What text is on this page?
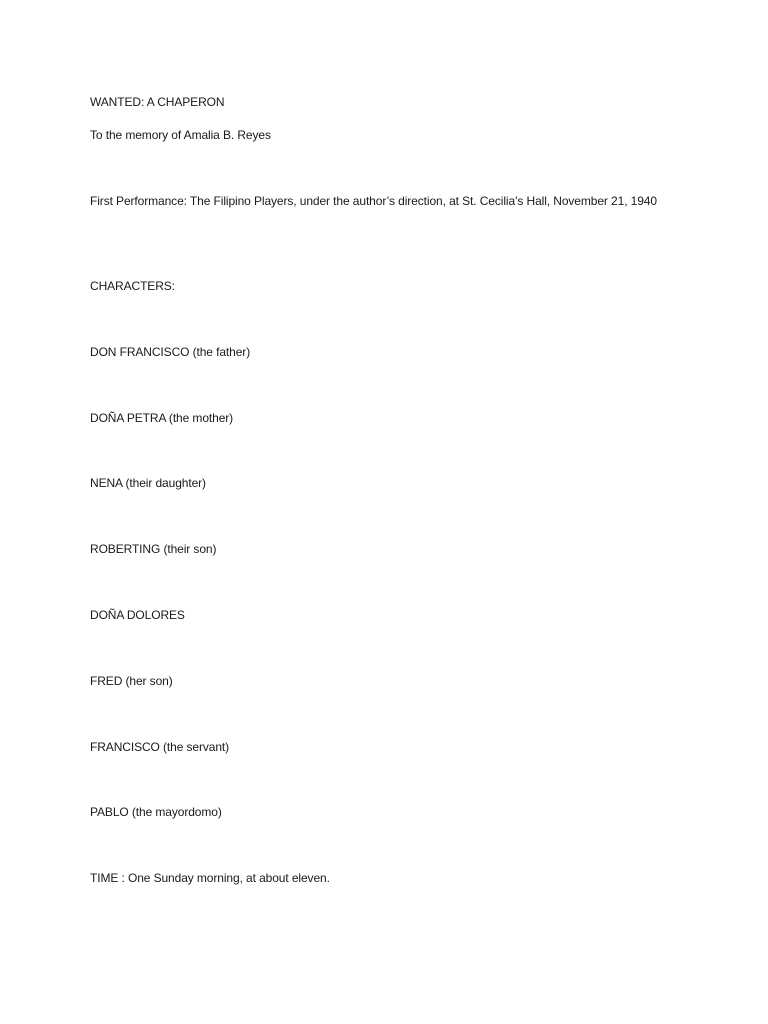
WANTED: A CHAPERON

To the memory of Amalia B. Reyes

First Performance: The Filipino Players, under the author’s direction, at St. Cecilia’s Hall, November 21, 1940

CHARACTERS:

DON FRANCISCO (the father)

DOÑA PETRA (the mother)

NENA (their daughter)

ROBERTING (their son)

DOÑA DOLORES

FRED (her son)

FRANCISCO (the servant)

PABLO (the mayordomo)

TIME : One Sunday morning, at about eleven.
